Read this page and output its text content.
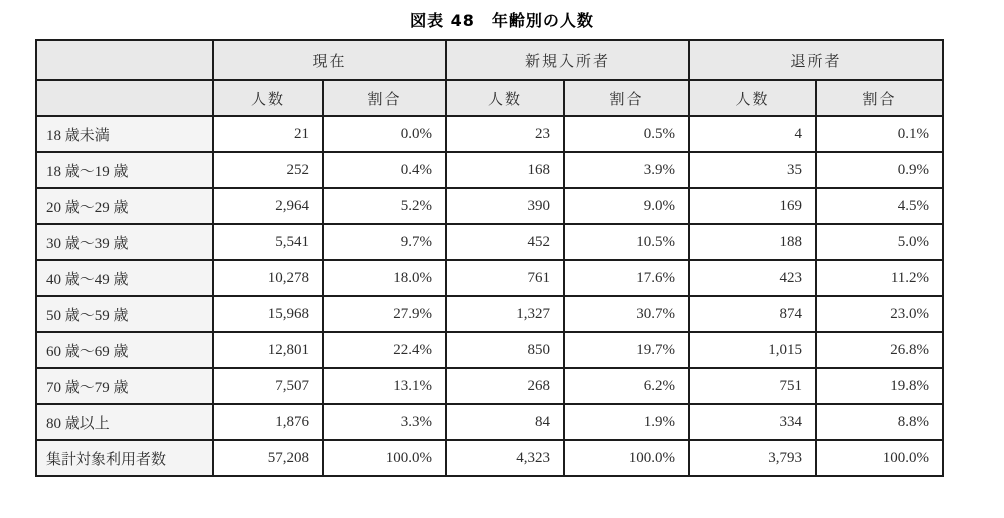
図表 48　年齢別の人数
	現在		新規入所者		退所者	
	人数	割合	人数	割合	人数	割合
18 歳未満	21	0.0%	23	0.5%	4	0.1%
18 歳〜19 歳	252	0.4%	168	3.9%	35	0.9%
20 歳〜29 歳	2,964	5.2%	390	9.0%	169	4.5%
30 歳〜39 歳	5,541	9.7%	452	10.5%	188	5.0%
40 歳〜49 歳	10,278	18.0%	761	17.6%	423	11.2%
50 歳〜59 歳	15,968	27.9%	1,327	30.7%	874	23.0%
60 歳〜69 歳	12,801	22.4%	850	19.7%	1,015	26.8%
70 歳〜79 歳	7,507	13.1%	268	6.2%	751	19.8%
80 歳以上	1,876	3.3%	84	1.9%	334	8.8%
集計対象利用者数	57,208	100.0%	4,323	100.0%	3,793	100.0%
